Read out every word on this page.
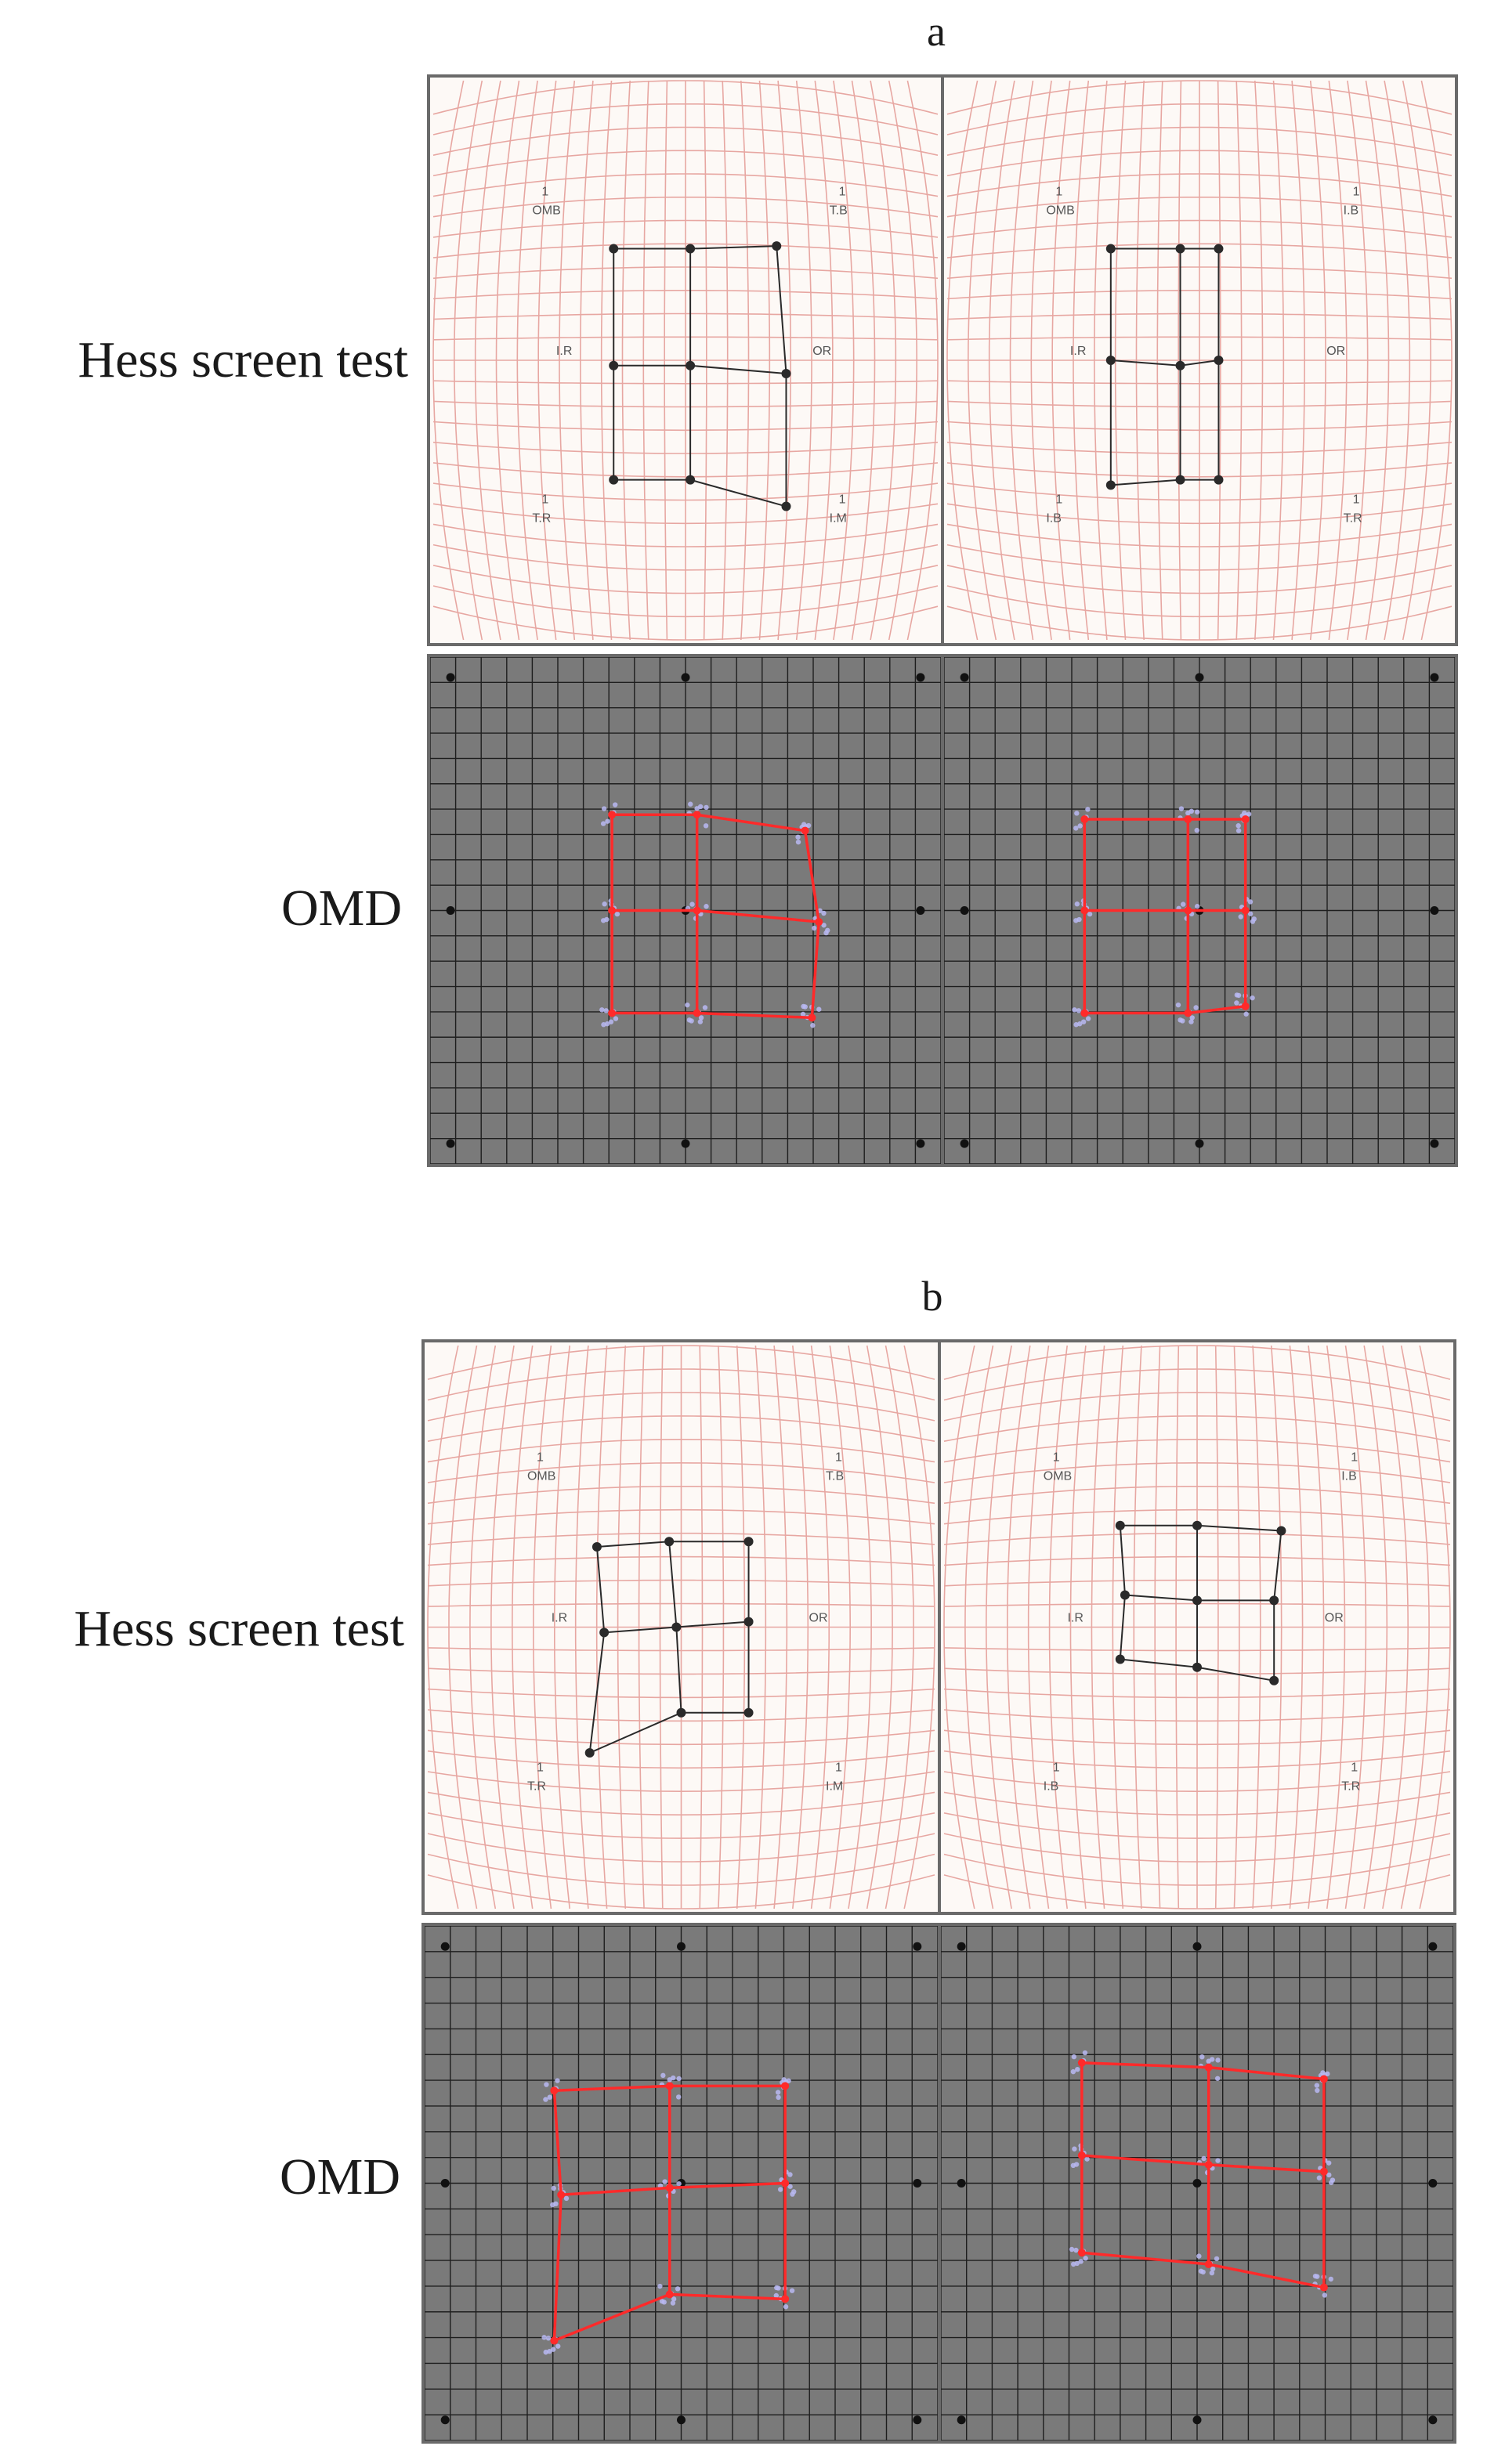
a
Hess screen test
OMD
1
OMB
1
T.B
I.R	OR
1
T.R
1
I.M
1
OMB
1
I.B
I.R	OR
1
I.B
1
T.R
b
Hess screen test
OMD
1
OMB
1
T.B
I.R	OR
1
T.R
1
I.M
1
OMB
1
I.B
I.R	OR
1
I.B
1
T.R
